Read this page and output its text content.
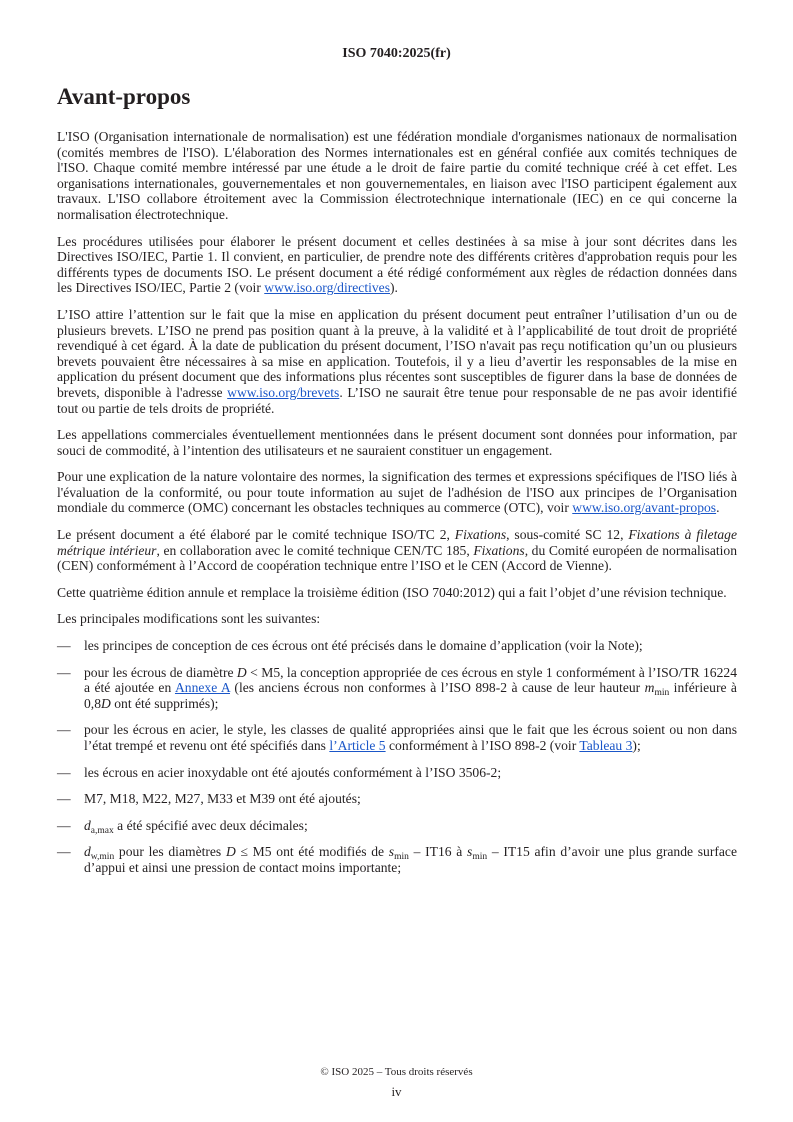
ISO 7040:2025(fr)
Avant-propos

L'ISO (Organisation internationale de normalisation) est une fédération mondiale d'organismes nationaux de normalisation (comités membres de l'ISO). L'élaboration des Normes internationales est en général confiée aux comités techniques de l'ISO. Chaque comité membre intéressé par une étude a le droit de faire partie du comité technique créé à cet effet. Les organisations internationales, gouvernementales et non gouvernementales, en liaison avec l'ISO participent également aux travaux. L'ISO collabore étroitement avec la Commission électrotechnique internationale (IEC) en ce qui concerne la normalisation électrotechnique.

Les procédures utilisées pour élaborer le présent document et celles destinées à sa mise à jour sont décrites dans les Directives ISO/IEC, Partie 1. Il convient, en particulier, de prendre note des différents critères d'approbation requis pour les différents types de documents ISO. Le présent document a été rédigé conformément aux règles de rédaction données dans les Directives ISO/IEC, Partie 2 (voir www.iso.org/directives).

L’ISO attire l’attention sur le fait que la mise en application du présent document peut entraîner l’utilisation d’un ou de plusieurs brevets. L’ISO ne prend pas position quant à la preuve, à la validité et à l’applicabilité de tout droit de propriété revendiqué à cet égard. À la date de publication du présent document, l’ISO n'avait pas reçu notification qu’un ou plusieurs brevets pouvaient être nécessaires à sa mise en application. Toutefois, il y a lieu d’avertir les responsables de la mise en application du présent document que des informations plus récentes sont susceptibles de figurer dans la base de données de brevets, disponible à l'adresse www.iso.org/brevets. L’ISO ne saurait être tenue pour responsable de ne pas avoir identifié tout ou partie de tels droits de propriété.

Les appellations commerciales éventuellement mentionnées dans le présent document sont données pour information, par souci de commodité, à l’intention des utilisateurs et ne sauraient constituer un engagement.

Pour une explication de la nature volontaire des normes, la signification des termes et expressions spécifiques de l'ISO liés à l'évaluation de la conformité, ou pour toute information au sujet de l'adhésion de l'ISO aux principes de l’Organisation mondiale du commerce (OMC) concernant les obstacles techniques au commerce (OTC), voir www.iso.org/avant-propos.

Le présent document a été élaboré par le comité technique ISO/TC 2, Fixations, sous-comité SC 12, Fixations à filetage métrique intérieur, en collaboration avec le comité technique CEN/TC 185, Fixations, du Comité européen de normalisation (CEN) conformément à l’Accord de coopération technique entre l’ISO et le CEN (Accord de Vienne).

Cette quatrième édition annule et remplace la troisième édition (ISO 7040:2012) qui a fait l’objet d’une révision technique.

Les principales modifications sont les suivantes:

— les principes de conception de ces écrous ont été précisés dans le domaine d’application (voir la Note);
— pour les écrous de diamètre D < M5, la conception appropriée de ces écrous en style 1 conformément à l’ISO/TR 16224 a été ajoutée en Annexe A (les anciens écrous non conformes à l’ISO 898-2 à cause de leur hauteur $m_{min}$ inférieure à 0,8D ont été supprimés);
— pour les écrous en acier, le style, les classes de qualité appropriées ainsi que le fait que les écrous soient ou non dans l’état trempé et revenu ont été spécifiés dans l’Article 5 conformément à l’ISO 898-2 (voir Tableau 3);
— les écrous en acier inoxydable ont été ajoutés conformément à l’ISO 3506-2;
— M7, M18, M22, M27, M33 et M39 ont été ajoutés;
— $d_{a,max}$ a été spécifié avec deux décimales;
— $d_{w,min}$ pour les diamètres D ≤ M5 ont été modifiés de $s_{min} - IT16$ à $s_{min} - IT15$ afin d’avoir une plus grande surface d’appui et ainsi une pression de contact moins importante;
© ISO 2025 – Tous droits réservés
iv
